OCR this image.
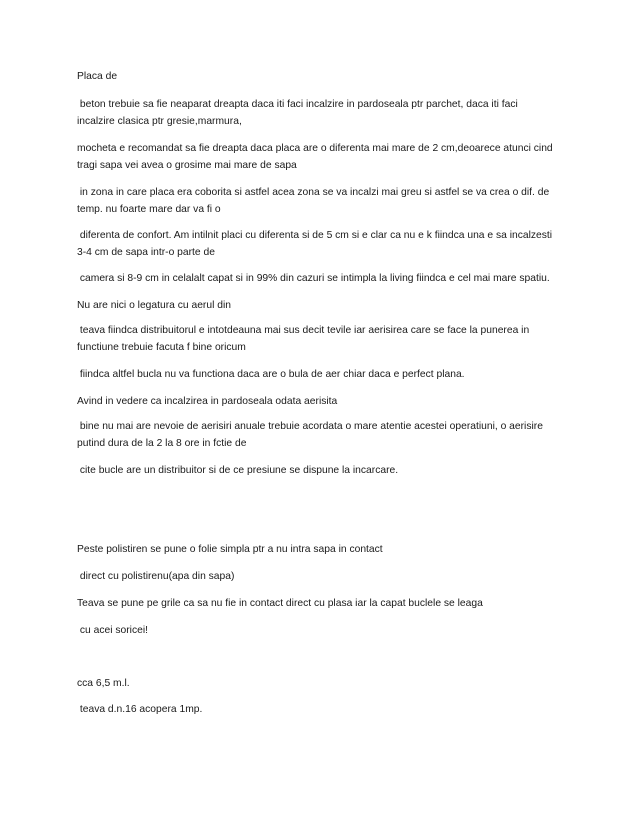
Placa de

beton trebuie sa fie neaparat dreapta daca iti faci incalzire in pardoseala ptr parchet, daca iti faci
incalzire clasica ptr gresie,marmura,

mocheta e recomandat sa fie dreapta daca placa are o diferenta mai mare de 2 cm,deoarece atunci cind
tragi sapa vei avea o grosime mai mare de sapa

in zona in care placa era coborita si astfel acea zona se va incalzi mai greu si astfel se va crea o dif. de
temp. nu foarte mare dar va fi o

diferenta de confort. Am intilnit placi cu diferenta si de 5 cm si e clar ca nu e k fiindca una e sa incalzesti
3-4 cm de sapa intr-o parte de

camera si 8-9 cm in celalalt capat si in 99% din cazuri se intimpla la living fiindca e cel mai mare spatiu.

Nu are nici o legatura cu aerul din

teava fiindca distribuitorul e intotdeauna mai sus decit tevile iar aerisirea care se face la punerea in
functiune trebuie facuta f bine oricum

fiindca altfel bucla nu va functiona daca are o bula de aer chiar daca e perfect plana.

Avind in vedere ca incalzirea in pardoseala odata aerisita

bine nu mai are nevoie de aerisiri anuale trebuie acordata o mare atentie acestei operatiuni, o aerisire
putind dura de la 2 la 8 ore in fctie de

cite bucle are un distribuitor si de ce presiune se dispune la incarcare.

Peste polistiren se pune o folie simpla ptr a nu intra sapa in contact

direct cu polistirenu(apa din sapa)

Teava se pune pe grile ca sa nu fie in contact direct cu plasa iar la capat buclele se leaga

cu acei soricei!

cca 6,5 m.l.

teava d.n.16 acopera 1mp.
